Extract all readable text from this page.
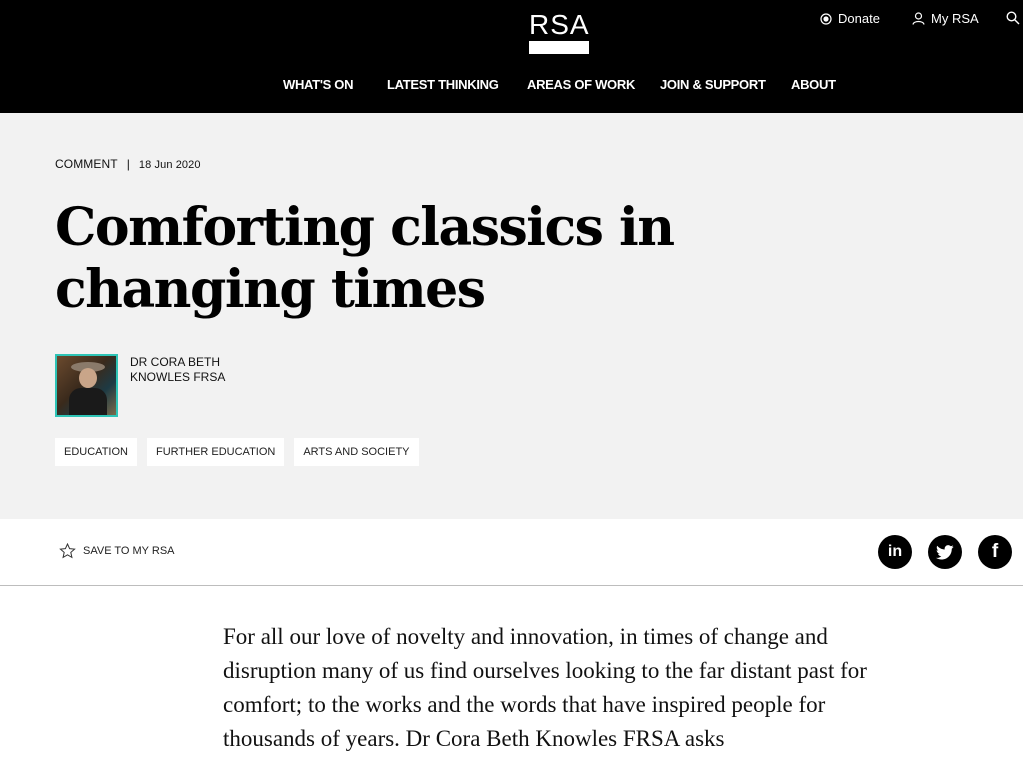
RSA	Donate	My RSA
WHAT'S ON	LATEST THINKING AREAS OF WORK JOIN & SUPPORT ABOUT
COMMENT | 18 Jun 2020
Comforting classics in changing times
DR CORA BETH KNOWLES FRSA
EDUCATION	FURTHER EDUCATION	ARTS AND SOCIETY
SAVE TO MY RSA	in	f

For all our love of novelty and innovation, in times of change and disruption many of us find ourselves looking to the far distant past for comfort; to the works and the words that have inspired people for thousands of years. Dr Cora Beth Knowles FRSA asks
